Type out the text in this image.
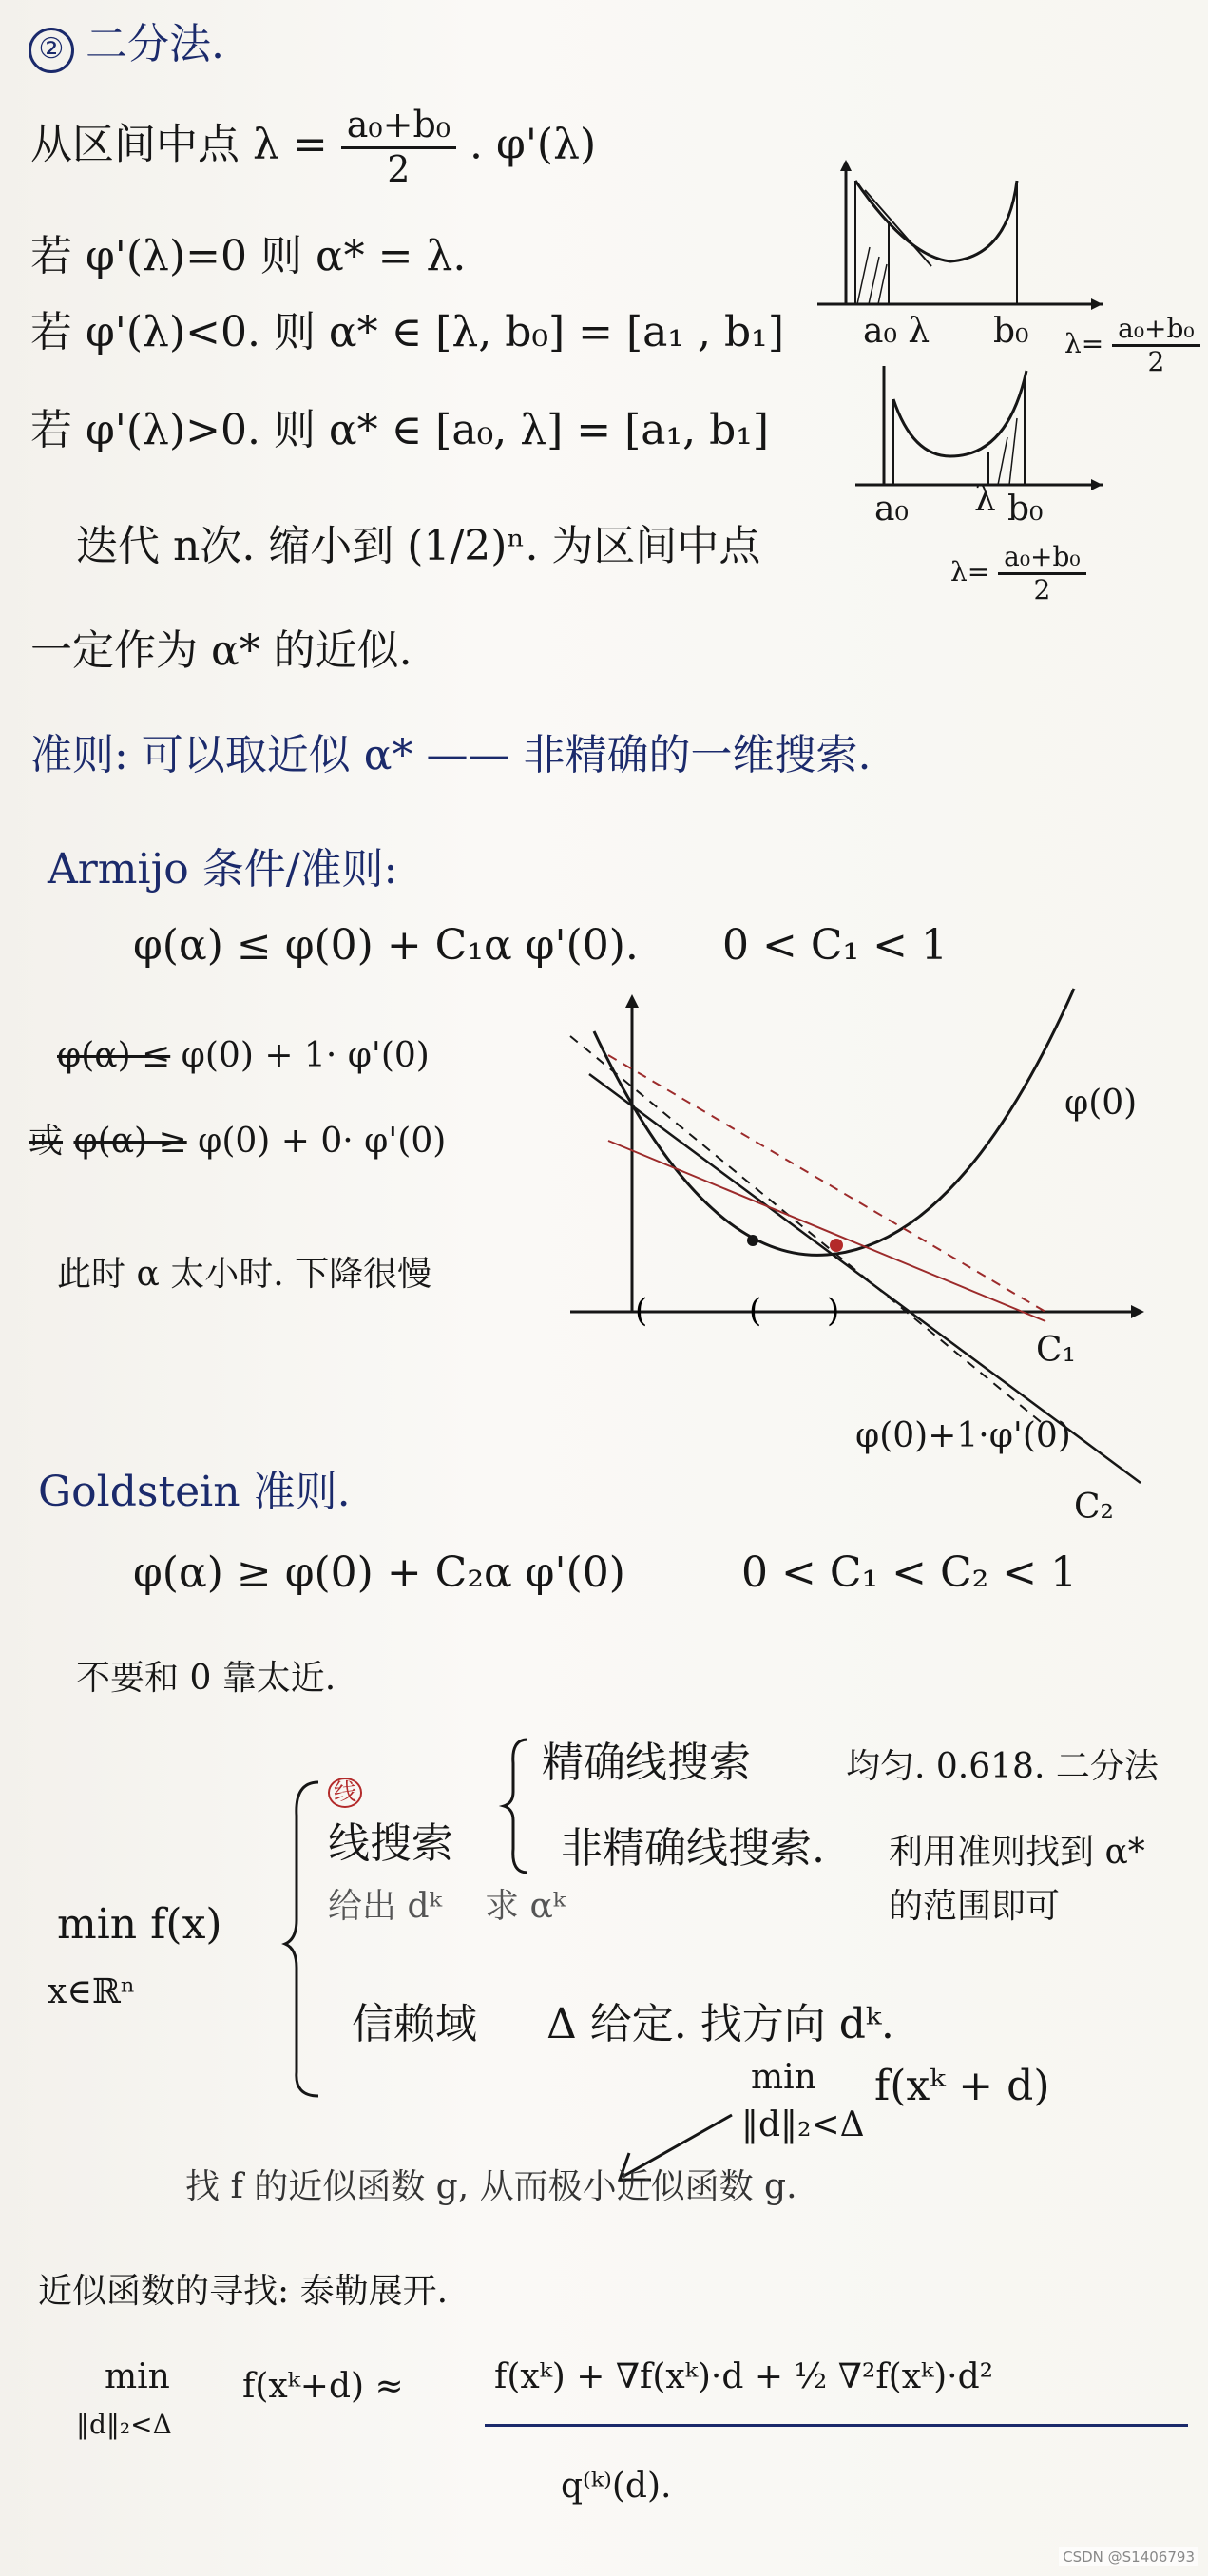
② 二分法.
从区间中点 $\lambda = \frac{\text{a₀+b₀}}{2}$ . φ'(λ)
若 φ'(λ)=0 则 α* = λ.
若 φ'(λ)<0. 则 α* ∈ [λ, b₀] = [a₁ , b₁]
若 φ'(λ)>0. 则 α* ∈ [a₀, λ] = [a₁, b₁]
迭代 n次. 缩小到 (1/2)ⁿ. 为区间中点
一定作为 α* 的近似.
a₀ λ b₀ $\lambda= \frac{\text{a₀+b₀}}{2}$
a₀ λ b₀
$\lambda= \frac{\text{a₀+b₀}}{2}$
准则: 可以取近似 α* —— 非精确的一维搜索.
Armijo 条件/准则:
φ(α) ≤ φ(0) + C₁α φ'(0). 0 < C₁ < 1
φ(α) ≤ φ(0) + 1· φ'(0)
或 φ(α) ≥ φ(0) + 0· φ'(0)
此时 α 太小时. 下降很慢
(	( )
φ(0)
C₁
φ(0)+1·φ'(0)
C₂
Goldstein 准则.
φ(α) ≥ φ(0) + C₂α φ'(0)	0 < C₁ < C₂ < 1
不要和 0 靠太近.
min f(x)
x∈ℝⁿ
线
线搜索
给出 dᵏ 求 αᵏ
精确线搜索	均匀. 0.618. 二分法
非精确线搜索. 利用准则找到 α*
的范围即可
信赖域 Δ 给定. 找方向 dᵏ.
min f(xᵏ + d)
‖d‖₂<Δ
找 f 的近似函数 g, 从而极小近似函数 g.
近似函数的寻找: 泰勒展开.
min
‖d‖₂<Δ
f(xᵏ+d) ≈	f(xᵏ) + ∇f(xᵏ)·d + ½ ∇²f(xᵏ)·d²
q⁽ᵏ⁾(d).
CSDN @S1406793
